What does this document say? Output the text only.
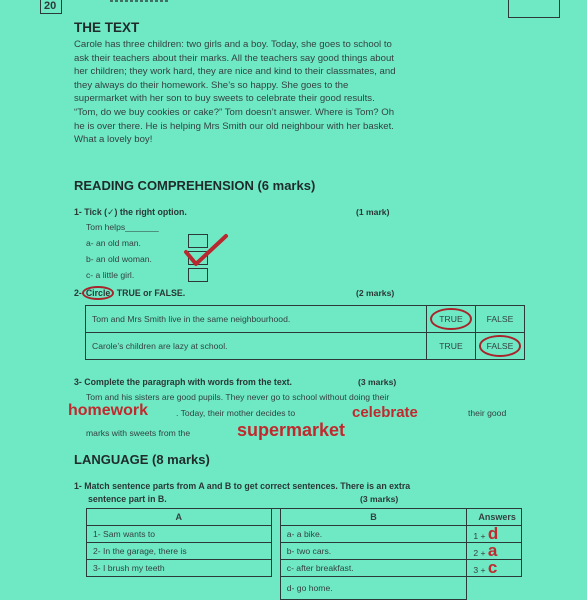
20
THE TEXT
Carole has three children: two girls and a boy. Today, she goes to school to
ask their teachers about their marks. All the teachers say good things about
her children; they work hard, they are nice and kind to their classmates, and
they always do their homework. She’s so happy. She goes to the
supermarket with her son to buy sweets to celebrate their good results.
“Tom, do we buy cookies or cake?” Tom doesn’t answer. Where is Tom? Oh
he is over there. He is helping Mrs Smith our old neighbour with her basket.
What a lovely boy!
READING COMPREHENSION (6 marks)
1- Tick (✓) the right option.	(1 mark)
Tom helps_______
a- an old man.
b- an old woman.
c- a little girl.
2- Circle TRUE or FALSE.	(2 marks)
Tom and Mrs Smith live in the same neighbourhood.	TRUE	FALSE
Carole’s children are lazy at school.	TRUE	FALSE
3- Complete the paragraph with words from the text.	(3 marks)
Tom and his sisters are good pupils. They never go to school without doing their
homework	. Today, their mother decides to	celebrate	their good
marks with sweets from the	supermarket
LANGUAGE (8 marks)
1- Match sentence parts from A and B to get correct sentences. There is an extra
sentence part in B.	(3 marks)
A		B	Answers
1- Sam wants to		a- a bike.	1 + d
2- In the garage, there is		b- two cars.	2 + a
3- I brush my teeth		c- after breakfast.	3 + c
		d- go home.	
